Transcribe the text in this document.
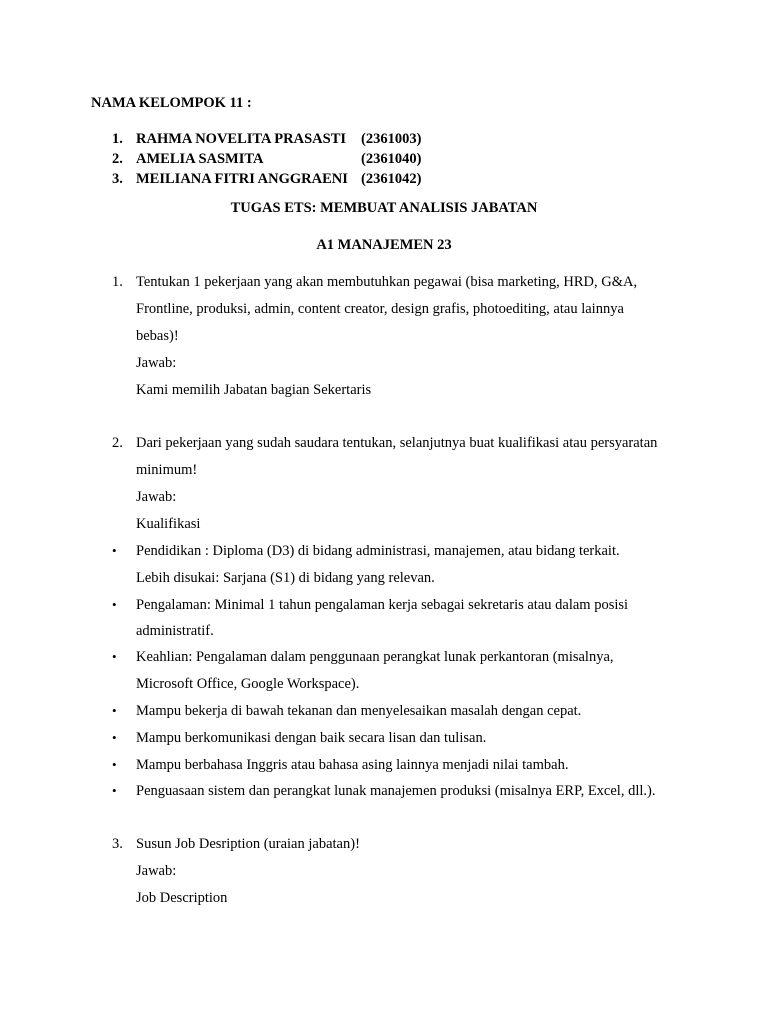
NAMA KELOMPOK 11 :
1. RAHMA NOVELITA PRASASTI (2361003)
2. AMELIA SASMITA	(2361040)
3. MEILIANA FITRI ANGGRAENI (2361042)
TUGAS ETS: MEMBUAT ANALISIS JABATAN
A1 MANAJEMEN 23
1. Tentukan 1 pekerjaan yang akan membutuhkan pegawai (bisa marketing, HRD, G&A,
Frontline, produksi, admin, content creator, design grafis, photoediting, atau lainnya
bebas)!
Jawab:
Kami memilih Jabatan bagian Sekertaris
2. Dari pekerjaan yang sudah saudara tentukan, selanjutnya buat kualifikasi atau persyaratan
minimum!
Jawab:
Kualifikasi
• Pendidikan : Diploma (D3) di bidang administrasi, manajemen, atau bidang terkait.
Lebih disukai: Sarjana (S1) di bidang yang relevan.
• Pengalaman: Minimal 1 tahun pengalaman kerja sebagai sekretaris atau dalam posisi
administratif.
• Keahlian: Pengalaman dalam penggunaan perangkat lunak perkantoran (misalnya,
Microsoft Office, Google Workspace).
• Mampu bekerja di bawah tekanan dan menyelesaikan masalah dengan cepat.
• Mampu berkomunikasi dengan baik secara lisan dan tulisan.
• Mampu berbahasa Inggris atau bahasa asing lainnya menjadi nilai tambah.
• Penguasaan sistem dan perangkat lunak manajemen produksi (misalnya ERP, Excel, dll.).
3. Susun Job Desription (uraian jabatan)!
Jawab:
Job Description
